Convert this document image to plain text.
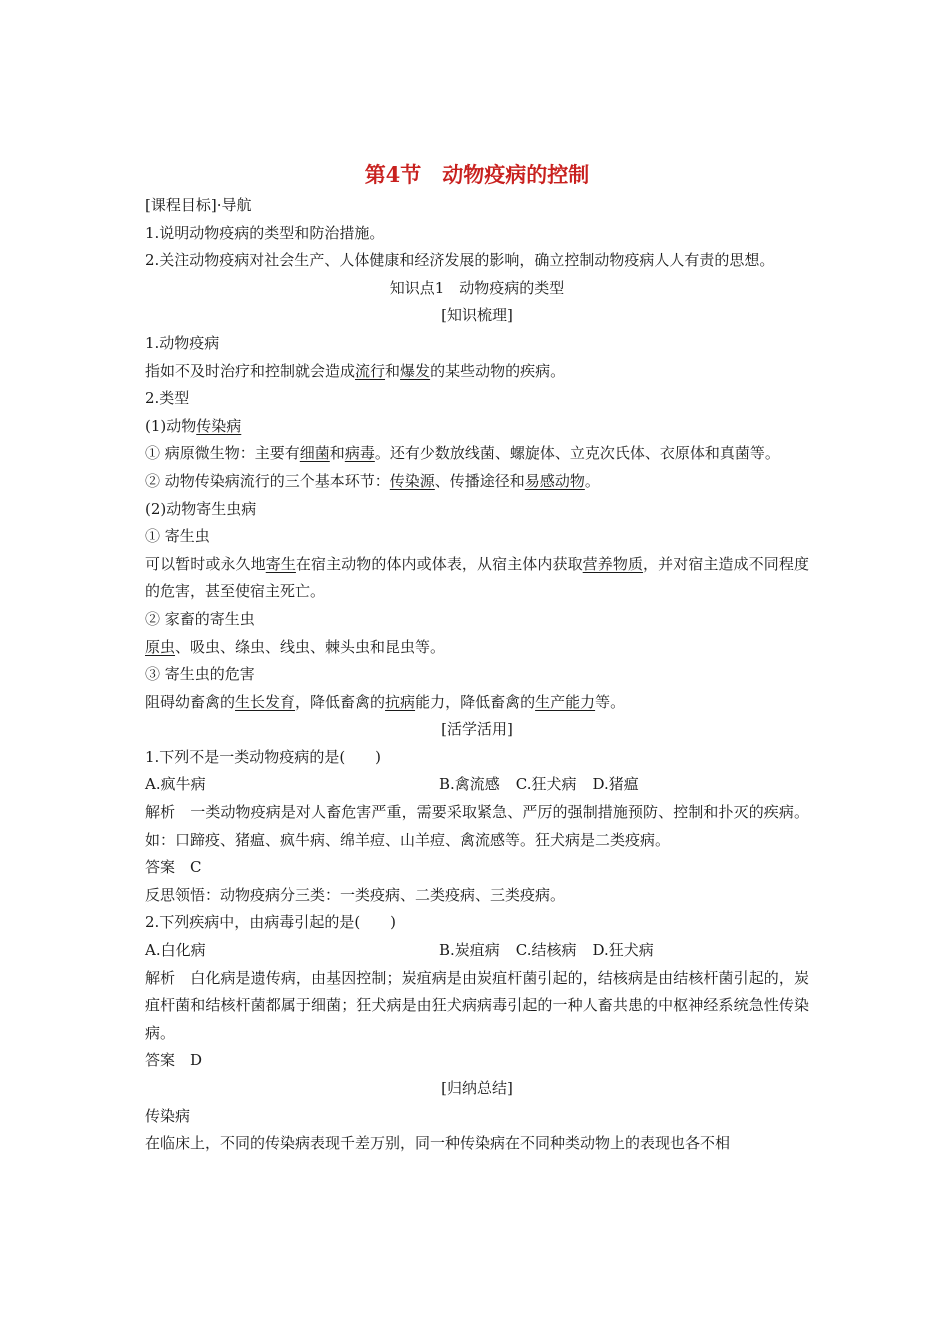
第4节　动物疫病的控制

[课程目标]·导航

1.说明动物疫病的类型和防治措施。

2.关注动物疫病对社会生产、人体健康和经济发展的影响，确立控制动物疫病人人有责的思想。

知识点1　动物疫病的类型

[知识梳理]

1.动物疫病

指如不及时治疗和控制就会造成流行和爆发的某些动物的疾病。

2.类型

(1)动物传染病

① 病原微生物：主要有细菌和病毒。还有少数放线菌、螺旋体、立克次氏体、衣原体和真菌等。

② 动物传染病流行的三个基本环节：传染源、传播途径和易感动物。

(2)动物寄生虫病

① 寄生虫

可以暂时或永久地寄生在宿主动物的体内或体表，从宿主体内获取营养物质，并对宿主造成不同程度的危害，甚至使宿主死亡。

② 家畜的寄生虫

原虫、吸虫、绦虫、线虫、棘头虫和昆虫等。

③ 寄生虫的危害

阻碍幼畜禽的生长发育，降低畜禽的抗病能力，降低畜禽的生产能力等。

[活学活用]

1.下列不是一类动物疫病的是(　　)

A.疯牛病	B.禽流感 C.狂犬病 D.猪瘟

解析　一类动物疫病是对人畜危害严重，需要采取紧急、严厉的强制措施预防、控制和扑灭的疾病。如：口蹄疫、猪瘟、疯牛病、绵羊痘、山羊痘、禽流感等。狂犬病是二类疫病。

答案　C

反思领悟：动物疫病分三类：一类疫病、二类疫病、三类疫病。

2.下列疾病中，由病毒引起的是(　　)

A.白化病	B.炭疽病 C.结核病 D.狂犬病

解析　白化病是遗传病，由基因控制；炭疽病是由炭疽杆菌引起的，结核病是由结核杆菌引起的，炭疽杆菌和结核杆菌都属于细菌；狂犬病是由狂犬病病毒引起的一种人畜共患的中枢神经系统急性传染病。

答案　D

[归纳总结]

传染病

在临床上，不同的传染病表现千差万别，同一种传染病在不同种类动物上的表现也各不相
